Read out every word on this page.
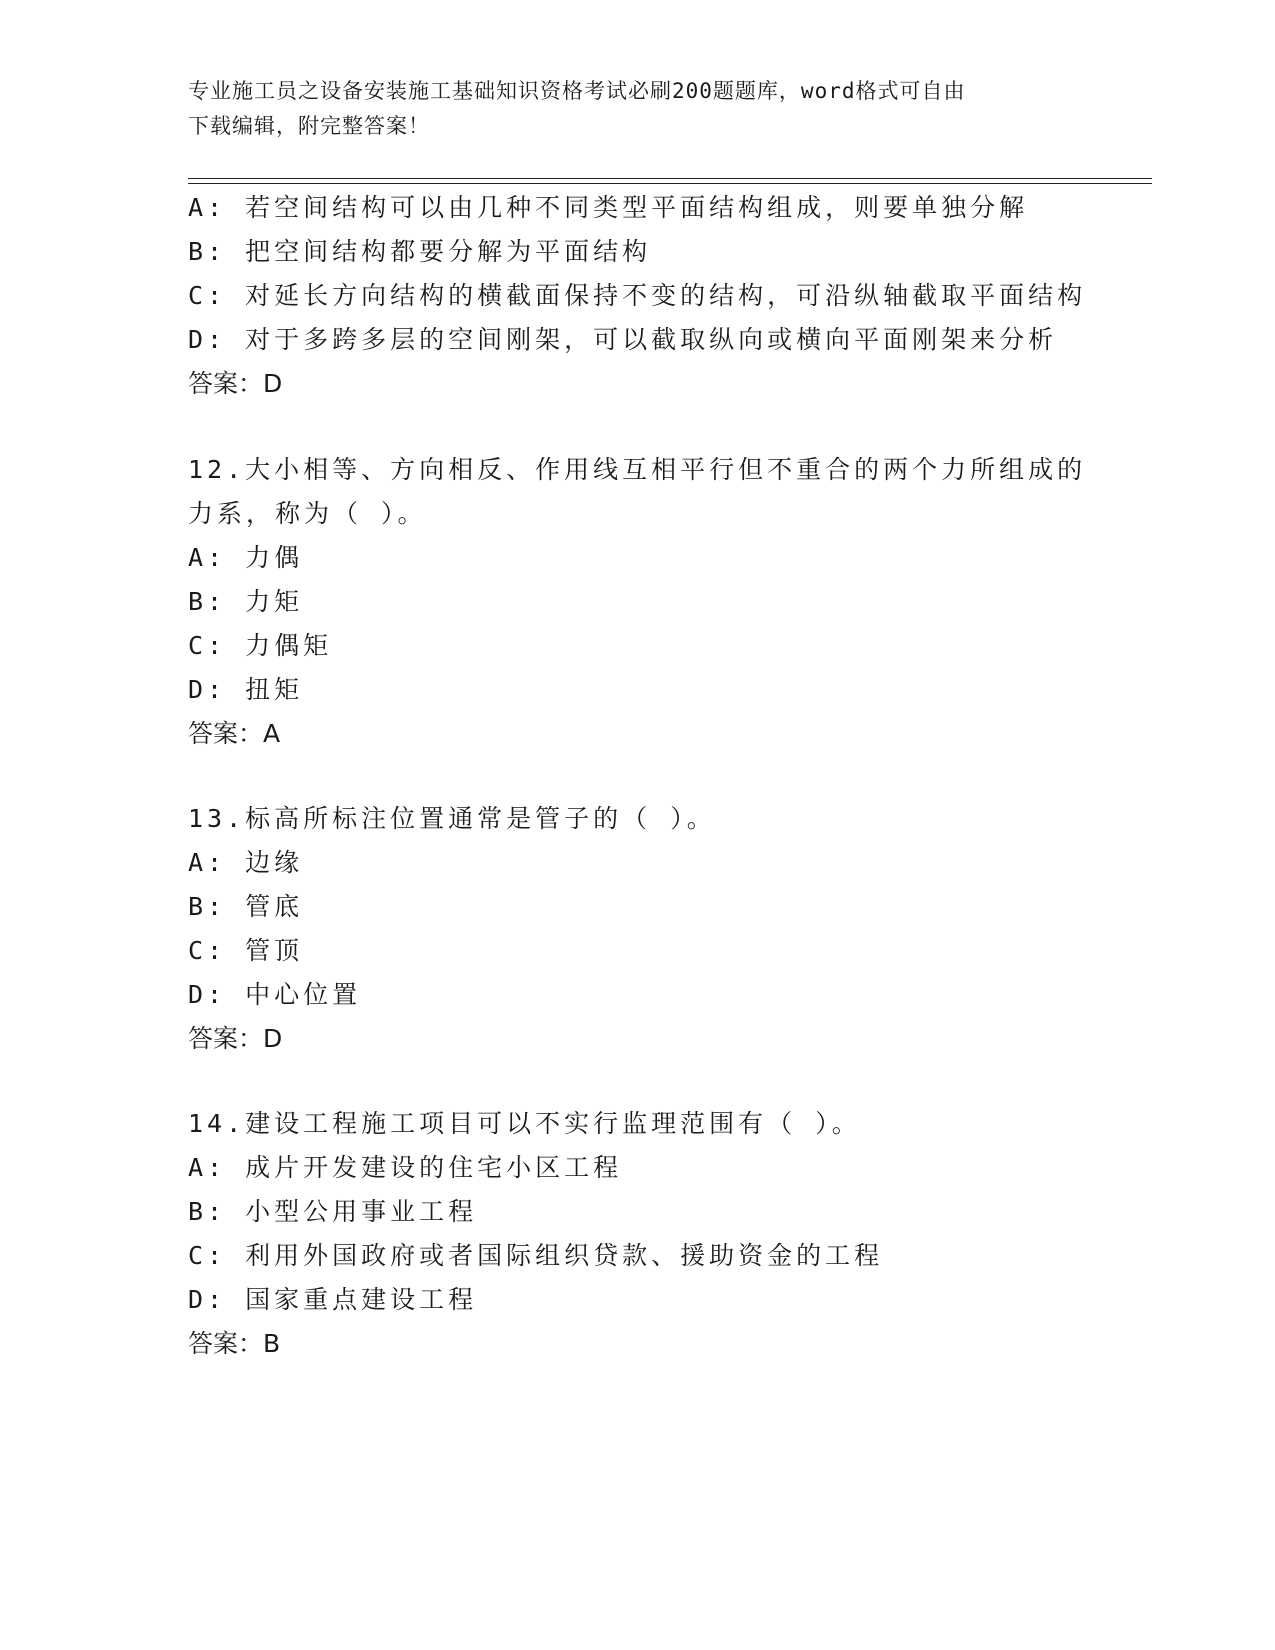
专业施工员之设备安装施工基础知识资格考试必刷200题题库，word格式可自由
下载编辑，附完整答案！
A: 若空间结构可以由几种不同类型平面结构组成，则要单独分解
B: 把空间结构都要分解为平面结构
C: 对延长方向结构的横截面保持不变的结构，可沿纵轴截取平面结构
D: 对于多跨多层的空间刚架，可以截取纵向或横向平面刚架来分析
答案：D
12.大小相等、方向相反、作用线互相平行但不重合的两个力所组成的
力系，称为（ ）。
A: 力偶
B: 力矩
C: 力偶矩
D: 扭矩
答案：A
13.标高所标注位置通常是管子的（ ）。
A: 边缘
B: 管底
C: 管顶
D: 中心位置
答案：D
14.建设工程施工项目可以不实行监理范围有（ ）。
A: 成片开发建设的住宅小区工程
B: 小型公用事业工程
C: 利用外国政府或者国际组织贷款、援助资金的工程
D: 国家重点建设工程
答案：B
